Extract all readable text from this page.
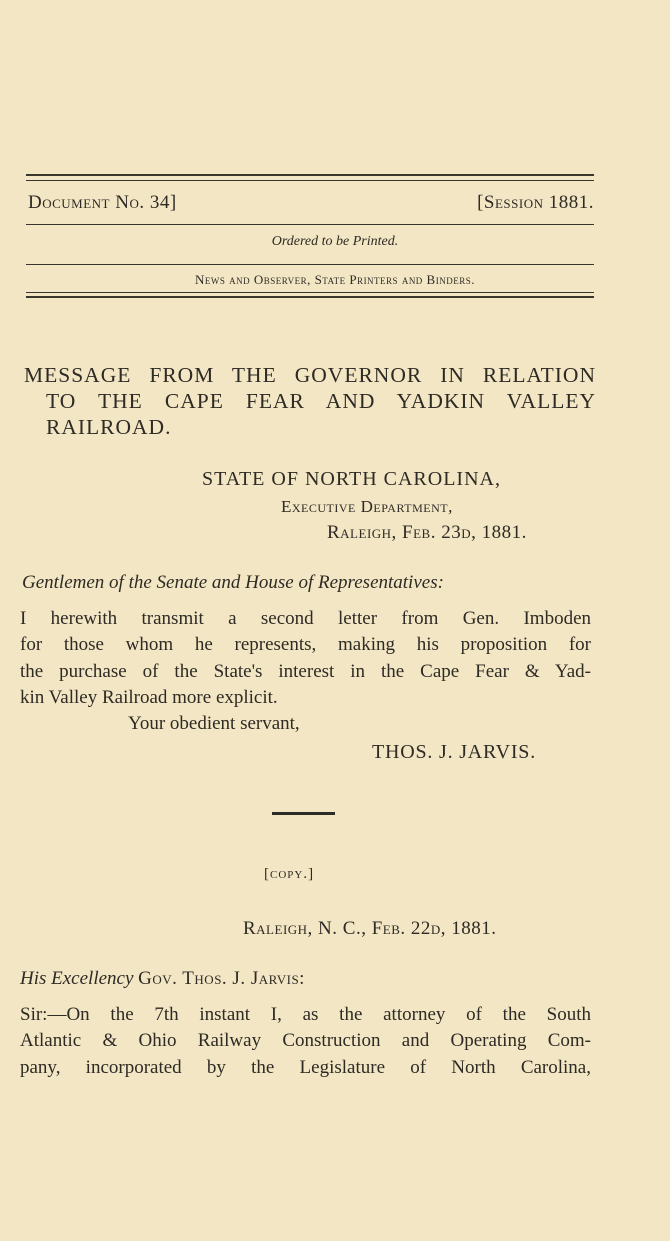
Document No. 34]	[Session 1881.
Ordered to be Printed.
News and Observer, State Printers and Binders.
MESSAGE FROM THE GOVERNOR IN RELATION
TO THE CAPE FEAR AND YADKIN VALLEY
RAILROAD.
STATE OF NORTH CAROLINA,
Executive Department,
Raleigh, Feb. 23d, 1881.
Gentlemen of the Senate and House of Representatives:
I herewith transmit a second letter from Gen. Imboden
for those whom he represents, making his proposition for
the purchase of the State's interest in the Cape Fear & Yad-
kin Valley Railroad more explicit.
Your obedient servant,
THOS. J. JARVIS.
[copy.]
Raleigh, N. C., Feb. 22d, 1881.
His Excellency Gov. Thos. J. Jarvis:
Sir:—On the 7th instant I, as the attorney of the South
Atlantic & Ohio Railway Construction and Operating Com-
pany, incorporated by the Legislature of North Carolina,
